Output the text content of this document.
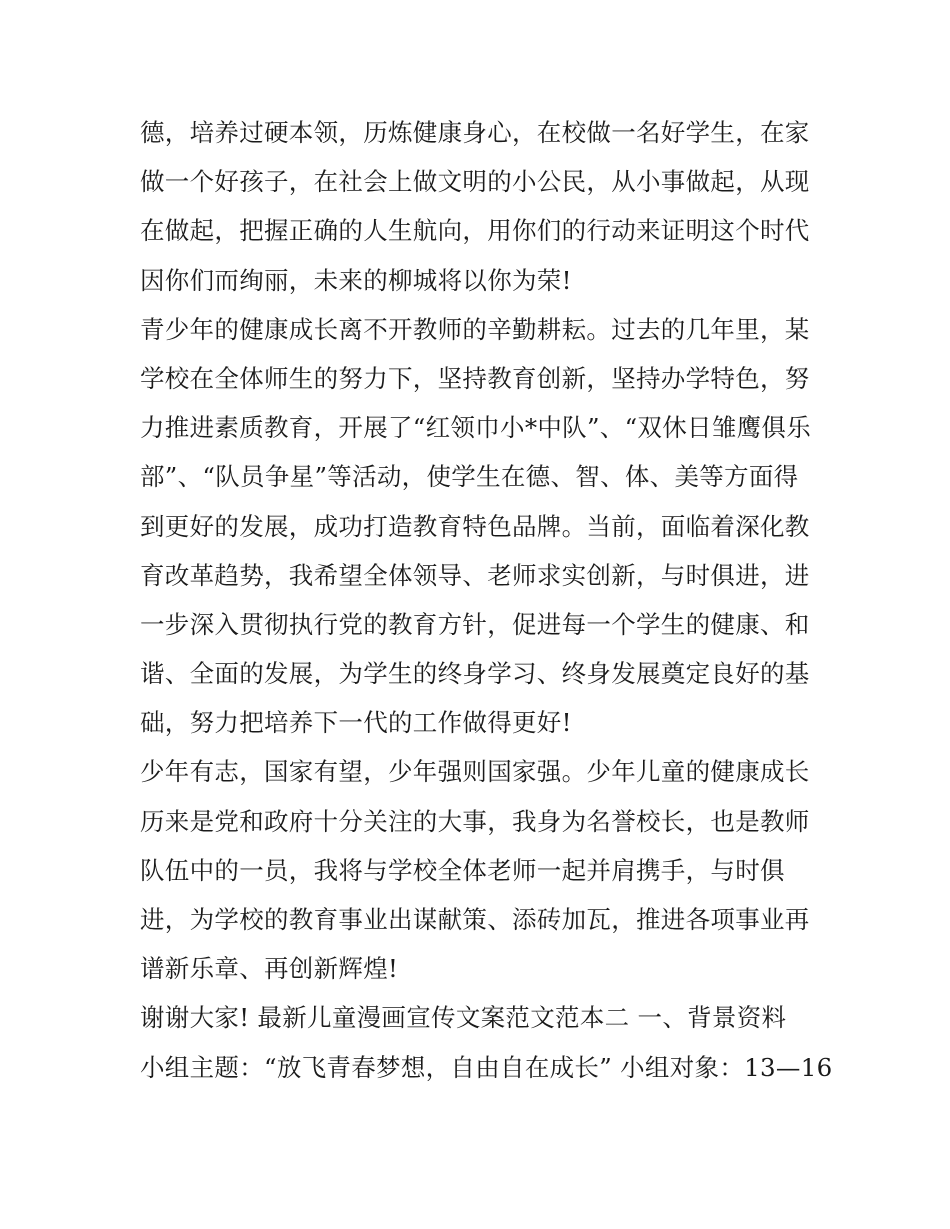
德，培养过硬本领，历炼健康身心，在校做一名好学生，在家
做一个好孩子，在社会上做文明的小公民，从小事做起，从现
在做起，把握正确的人生航向，用你们的行动来证明这个时代
因你们而绚丽，未来的柳城将以你为荣!
青少年的健康成长离不开教师的辛勤耕耘。过去的几年里，某
学校在全体师生的努力下，坚持教育创新，坚持办学特色，努
力推进素质教育，开展了“红领巾小*中队”、“双休日雏鹰俱乐
部”、“队员争星”等活动，使学生在德、智、体、美等方面得
到更好的发展，成功打造教育特色品牌。当前，面临着深化教
育改革趋势，我希望全体领导、老师求实创新，与时俱进，进
一步深入贯彻执行党的教育方针，促进每一个学生的健康、和
谐、全面的发展，为学生的终身学习、终身发展奠定良好的基
础，努力把培养下一代的工作做得更好!
少年有志，国家有望，少年强则国家强。少年儿童的健康成长
历来是党和政府十分关注的大事，我身为名誉校长，也是教师
队伍中的一员，我将与学校全体老师一起并肩携手，与时俱
进，为学校的教育事业出谋献策、添砖加瓦，推进各项事业再
谱新乐章、再创新辉煌!
谢谢大家! 最新儿童漫画宣传文案范文范本二 一、背景资料
小组主题：“放飞青春梦想，自由自在成长” 小组对象：13—16
